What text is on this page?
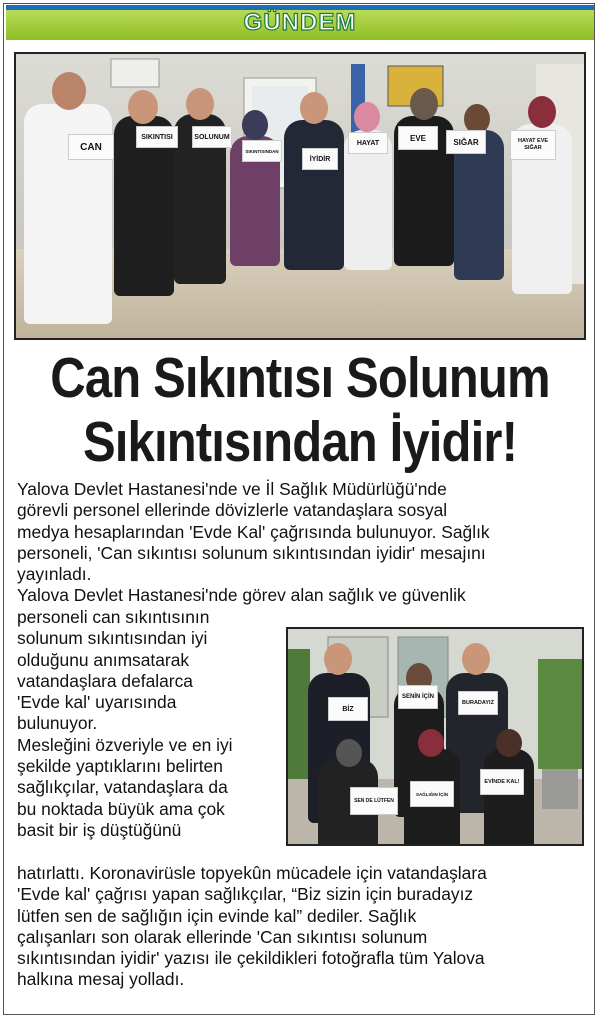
GÜNDEM
CAN
SIKINTISI	SOLUNUM
SIKINTISINDAN
İYİDİR
HAYAT
EVE	SIĞAR	HAYAT EVE SIĞAR
Can Sıkıntısı Solunum
Sıkıntısından İyidir!
Yalova Devlet Hastanesi'nde ve İl Sağlık Müdürlüğü'nde
görevli personel ellerinde dövizlerle vatandaşlara sosyal
medya hesaplarından 'Evde Kal' çağrısında bulunuyor. Sağlık
personeli, 'Can sıkıntısı solunum sıkıntısından iyidir' mesajını
yayınladı.
Yalova Devlet Hastanesi'nde görev alan sağlık ve güvenlik
personeli can sıkıntısının
solunum sıkıntısından iyi
olduğunu anımsatarak
vatandaşlara defalarca
'Evde kal' uyarısında
bulunuyor.
Mesleğini özveriyle ve en iyi
şekilde yaptıklarını belirten
sağlıkçılar, vatandaşlara da
bu noktada büyük ama çok
basit bir iş düştüğünü
hatırlattı. Koronavirüsle topyekûn mücadele için vatandaşlara
'Evde kal' çağrısı yapan sağlıkçılar, “Biz sizin için buradayız
lütfen sen de sağlığın için evinde kal” dediler. Sağlık
çalışanları son olarak ellerinde 'Can sıkıntısı solunum
sıkıntısından iyidir' yazısı ile çekildikleri fotoğrafla tüm Yalova
halkına mesaj yolladı.
BİZ
SENİN İÇİN
BURADAYIZ
SEN DE LÜTFEN
SAĞLIĞIN İÇİN
EVİNDE KAL!
